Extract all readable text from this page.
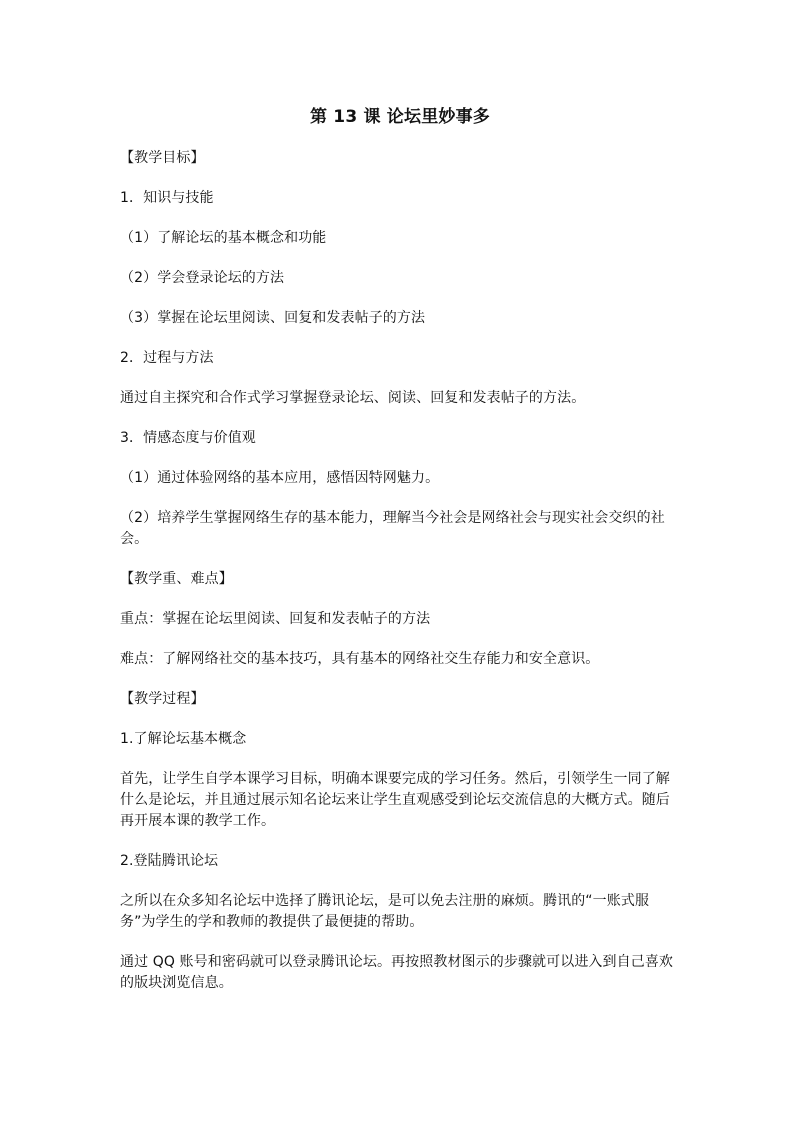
第 13 课 论坛里妙事多
【教学目标】
1．知识与技能
（1）了解论坛的基本概念和功能
（2）学会登录论坛的方法
（3）掌握在论坛里阅读、回复和发表帖子的方法
2．过程与方法
通过自主探究和合作式学习掌握登录论坛、阅读、回复和发表帖子的方法。
3．情感态度与价值观
（1）通过体验网络的基本应用，感悟因特网魅力。
（2）培养学生掌握网络生存的基本能力，理解当今社会是网络社会与现实社会交织的社会。
【教学重、难点】
重点：掌握在论坛里阅读、回复和发表帖子的方法
难点：了解网络社交的基本技巧，具有基本的网络社交生存能力和安全意识。
【教学过程】
1.了解论坛基本概念
首先，让学生自学本课学习目标，明确本课要完成的学习任务。然后，引领学生一同了解什么是论坛，并且通过展示知名论坛来让学生直观感受到论坛交流信息的大概方式。随后再开展本课的教学工作。
2.登陆腾讯论坛
之所以在众多知名论坛中选择了腾讯论坛，是可以免去注册的麻烦。腾讯的“一账式服务”为学生的学和教师的教提供了最便捷的帮助。
通过 QQ 账号和密码就可以登录腾讯论坛。再按照教材图示的步骤就可以进入到自己喜欢的版块浏览信息。
